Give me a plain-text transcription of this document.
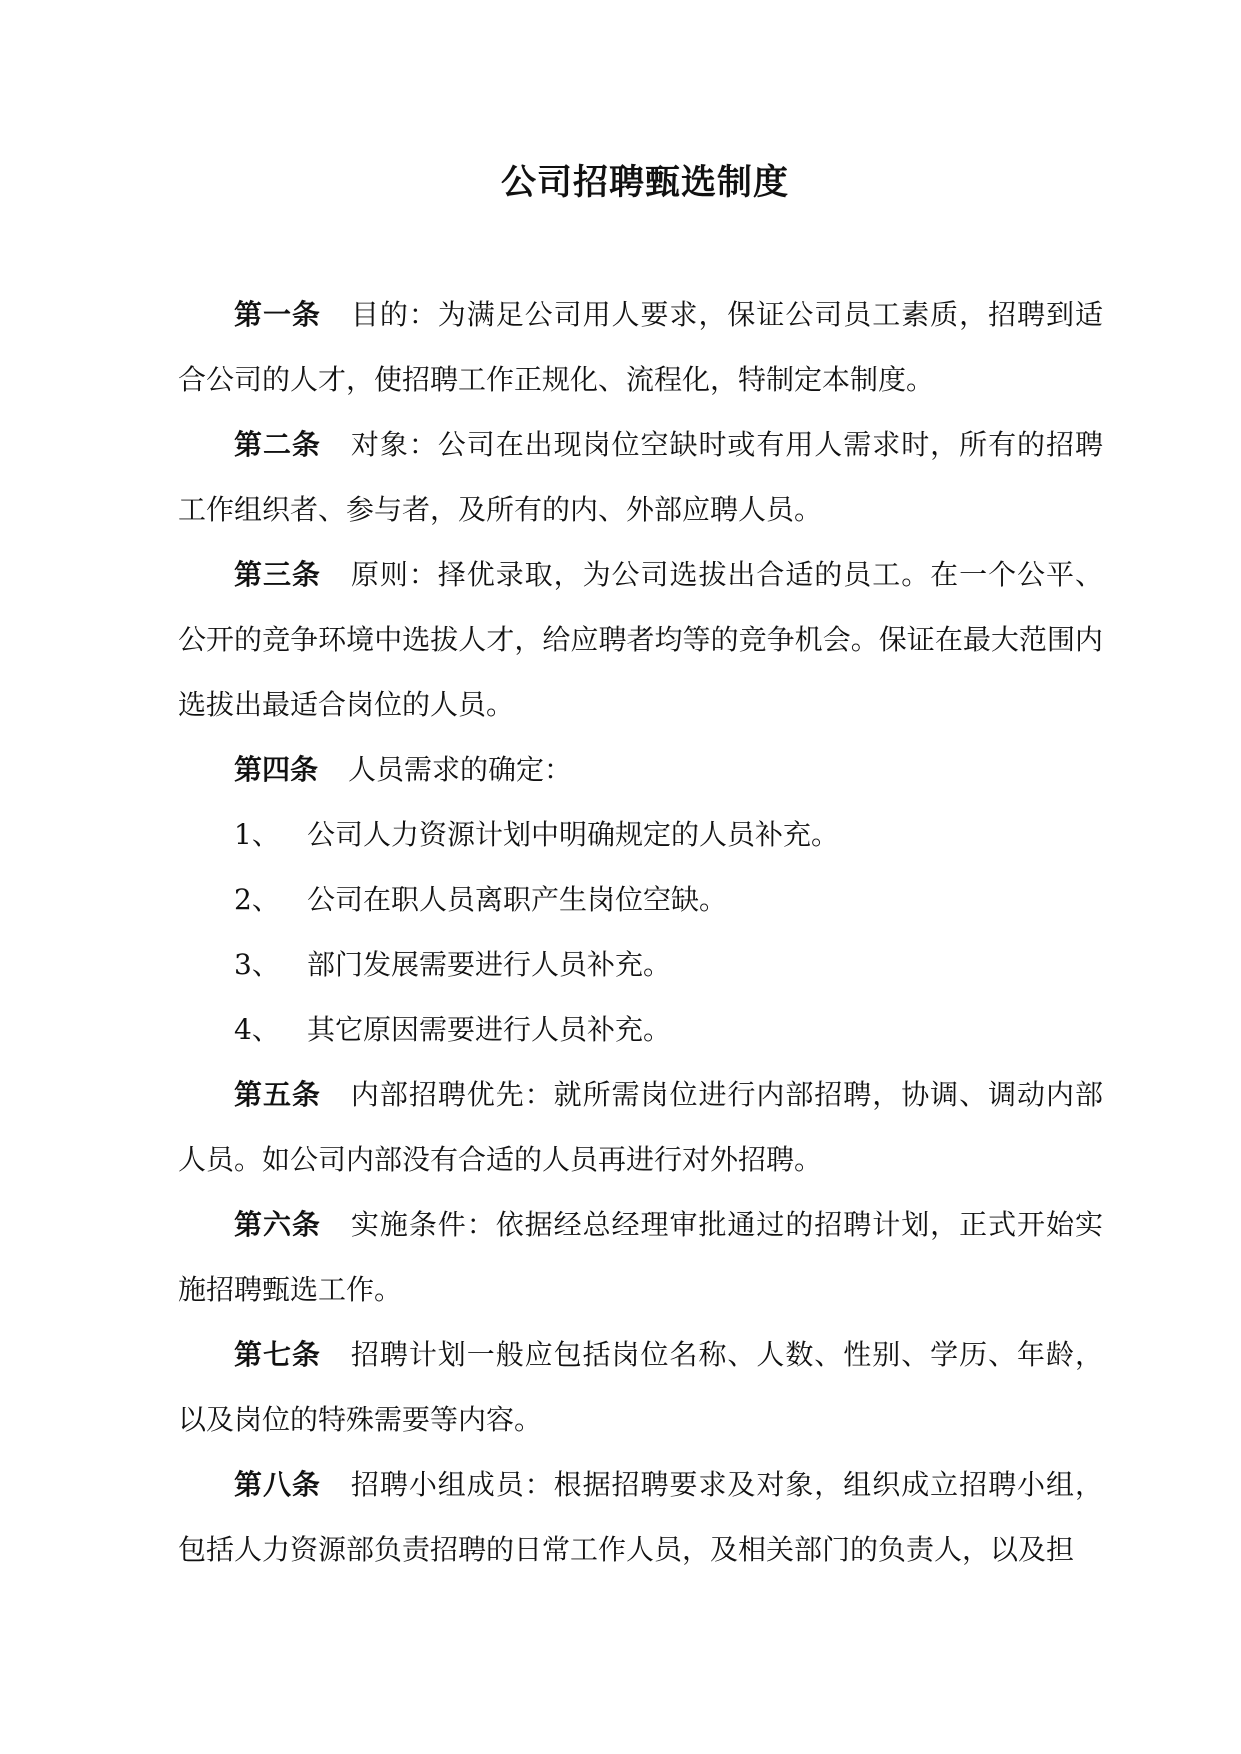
公司招聘甄选制度

第一条 目的：为满足公司用人要求，保证公司员工素质，招聘到适合公司的人才，使招聘工作正规化、流程化，特制定本制度。

第二条 对象：公司在出现岗位空缺时或有用人需求时，所有的招聘工作组织者、参与者，及所有的内、外部应聘人员。

第三条 原则：择优录取，为公司选拔出合适的员工。在一个公平、公开的竞争环境中选拔人才，给应聘者均等的竞争机会。保证在最大范围内选拔出最适合岗位的人员。

第四条 人员需求的确定：

1、 公司人力资源计划中明确规定的人员补充。

2、 公司在职人员离职产生岗位空缺。

3、 部门发展需要进行人员补充。

4、 其它原因需要进行人员补充。

第五条 内部招聘优先：就所需岗位进行内部招聘，协调、调动内部人员。如公司内部没有合适的人员再进行对外招聘。

第六条 实施条件：依据经总经理审批通过的招聘计划，正式开始实施招聘甄选工作。

第七条 招聘计划一般应包括岗位名称、人数、性别、学历、年龄，以及岗位的特殊需要等内容。

第八条 招聘小组成员：根据招聘要求及对象，组织成立招聘小组，包括人力资源部负责招聘的日常工作人员，及相关部门的负责人，以及担
